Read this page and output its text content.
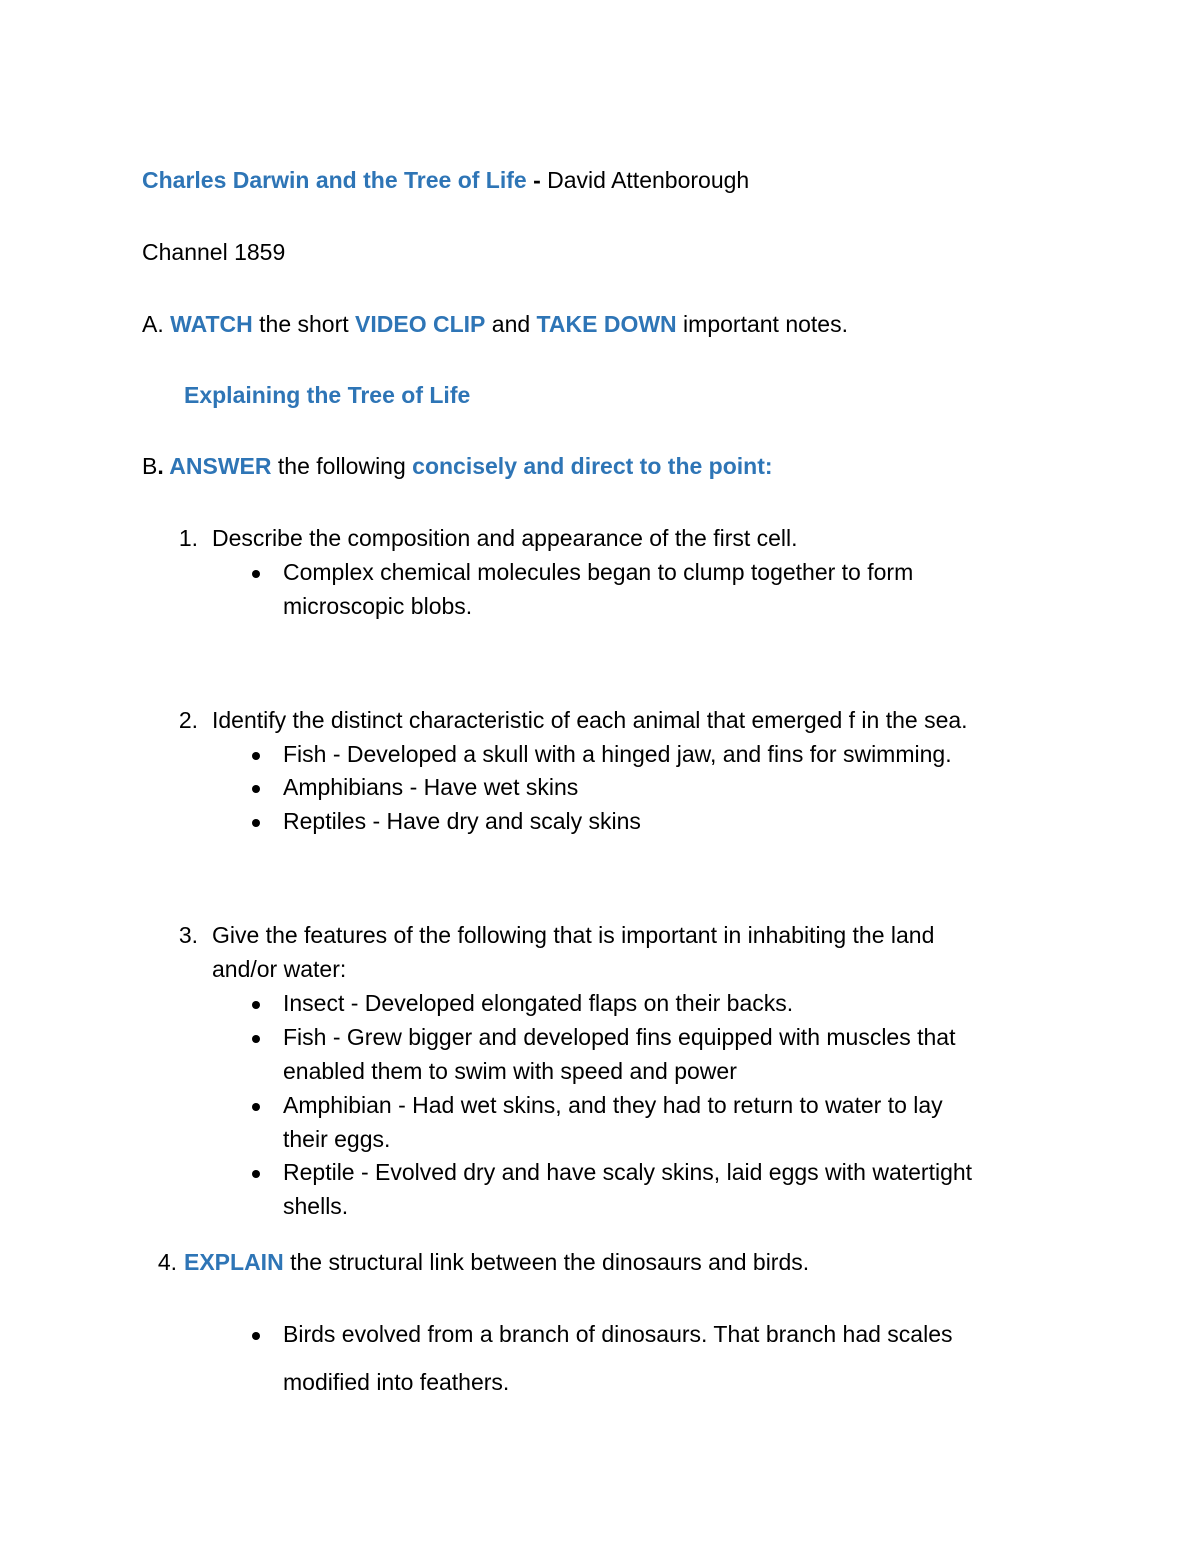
Charles Darwin and the Tree of Life - David Attenborough
Channel 1859
A. WATCH the short VIDEO CLIP and TAKE DOWN important notes.
Explaining the Tree of Life
B. ANSWER the following concisely and direct to the point:
1. Describe the composition and appearance of the first cell.
Complex chemical molecules began to clump together to form
microscopic blobs.
2. Identify the distinct characteristic of each animal that emerged f in the sea.
Fish - Developed a skull with a hinged jaw, and fins for swimming.
Amphibians - Have wet skins
Reptiles - Have dry and scaly skins
3. Give the features of the following that is important in inhabiting the land
and/or water:
Insect - Developed elongated flaps on their backs.
Fish - Grew bigger and developed fins equipped with muscles that
enabled them to swim with speed and power
Amphibian - Had wet skins, and they had to return to water to lay
their eggs.
Reptile - Evolved dry and have scaly skins, laid eggs with watertight
shells.
4. EXPLAIN the structural link between the dinosaurs and birds.
Birds evolved from a branch of dinosaurs. That branch had scales
modified into feathers.
